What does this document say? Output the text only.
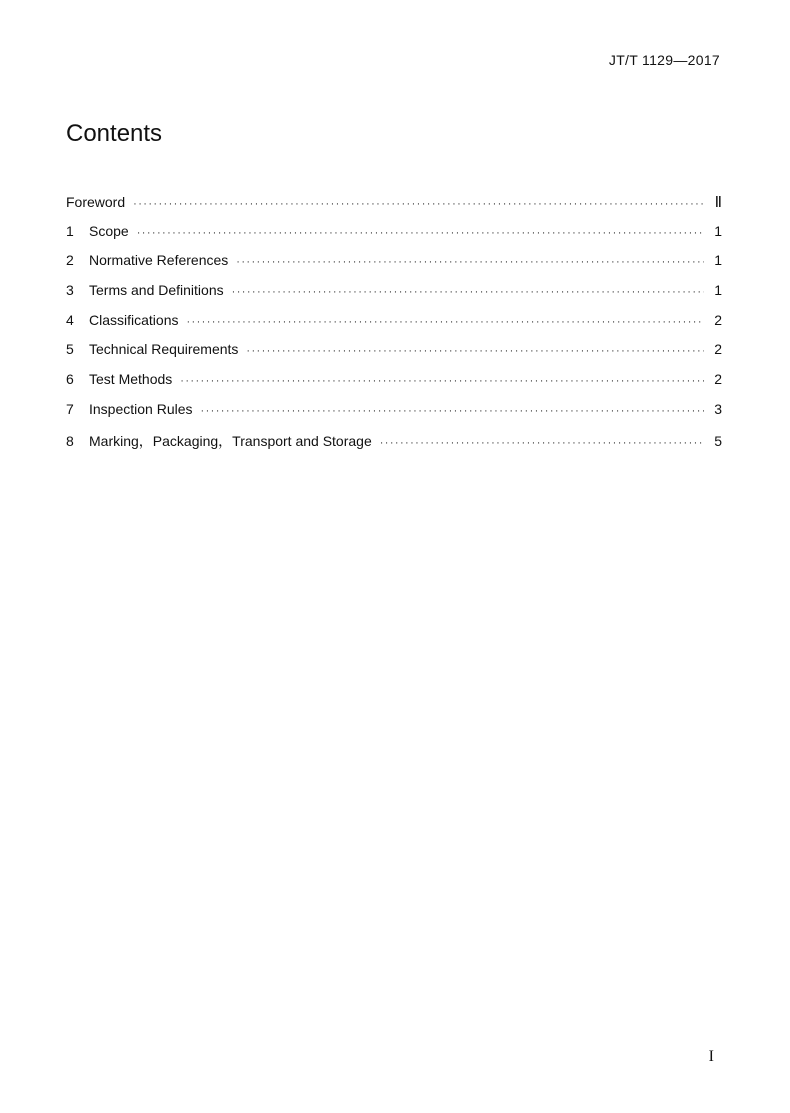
JT/T 1129—2017
Contents
Foreword ·····	Ⅱ
1	Scope ·····	1
2	Normative References ·····	1
3	Terms and Definitions ·····	1
4	Classifications ·····	2
5	Technical Requirements ·····	2
6	Test Methods ·····	2
7	Inspection Rules ·····	3
8	Marking，Packaging，Transport and Storage ·····	5
I
